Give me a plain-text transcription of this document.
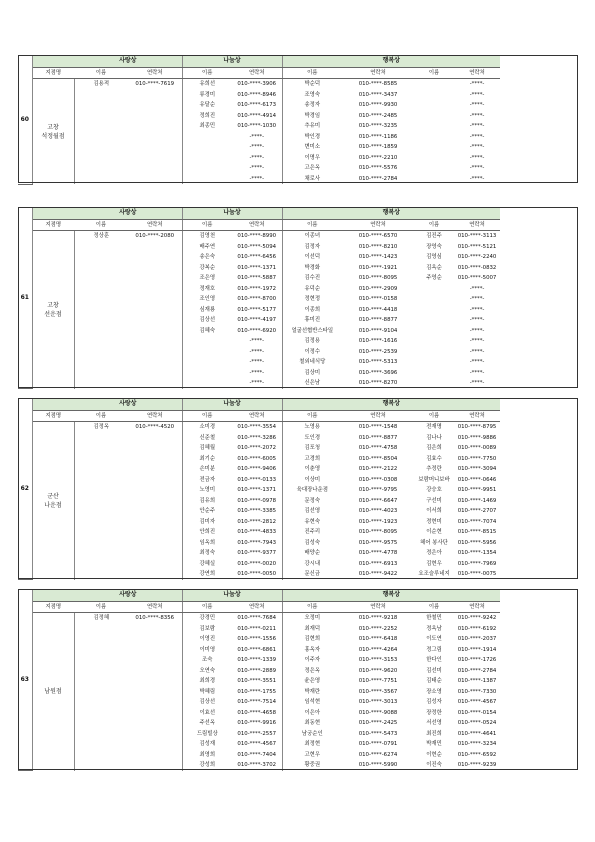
60		사랑상		나눔상		행복상			
	지점명	이름	연락처	이름	연락처	이름	연락처	이름	연락처
	고창
석정월점	김용적	010-****-7619	유희선	010-****-3906	박순덕	010-****-8585		-****-
				류경미	010-****-8946	조영숙	010-****-3437		-****-
				유달순	010-****-6173	송정자	010-****-9930		-****-
				정희진	010-****-4914	박경임	010-****-2485		-****-
				최종민	010-****-1030	추유미	010-****-3235		-****-
					-****-	박인경	010-****-1186		-****-
					-****-	변미소	010-****-1859		-****-
					-****-	이명우	010-****-2210		-****-
					-****-	고은옥	010-****-5576		-****-
					-****-	채로사	010-****-2784		-****-
61		사랑상		나눔상		행복상			
	지점명	이름	연락처	이름	연락처	이름	연락처	이름	연락처
	고창
선운점	정상훈	010-****-2080	김영천	010-****-8990	이종녀	010-****-6570	김진주	010-****-3113
				배주연	010-****-5094	김정자	010-****-8210	장영숙	010-****-5121
				송은숙	010-****-6456	이선덕	010-****-1423	김영심	010-****-2240
				강복순	010-****-1371	박경화	010-****-1921	김옥순	010-****-0832
				조은영	010-****-5887	김수진	010-****-8095	주영순	010-****-5007
				정재호	010-****-1972	유덕순	010-****-2909		-****-
				조인영	010-****-8700	정현정	010-****-0158		-****-
				심재룡	010-****-5177	이종희	010-****-4418		-****-
				김상선	010-****-4197	휴미진	010-****-8877		-****-
				김혜숙	010-****-6920	얼굴선협반스타일	010-****-9104		-****-
					-****-	김정용	010-****-1616		-****-
					-****-	이정수	010-****-2539		-****-
					-****-	철외네식당	010-****-5313		-****-
					-****-	김상미	010-****-3696		-****-
					-****-	신은남	010-****-8270		-****-
62		사랑상		나눔상		행복상			
	지점명	이름	연락처	이름	연락처	이름	연락처	이름	연락처
	군산
나운점	김정옥	010-****-4520	소미경	010-****-3554	노영용	010-****-1548	전재명	010-****-8795
				신준철	010-****-3286	도인경	010-****-8877	김나나	010-****-9886
				김혜월	010-****-2072	김포청	010-****-4758	김은희	010-****-0089
				최기순	010-****-6005	고경희	010-****-8504	김효수	010-****-7750
				손미분	010-****-9406	이춘영	010-****-2122	추정란	010-****-3094
				전금자	010-****-0133	이상미	010-****-0308	보람머니보바	010-****-0646
				노영미	010-****-1371	육대장나운점	010-****-9795	강승호	010-****-9951
				김유희	010-****-0978	문정숙	010-****-6647	구선미	010-****-1469
				안순주	010-****-3385	김선영	010-****-4023	이서희	010-****-2707
				김미자	010-****-2812	유현숙	010-****-1923	정현미	010-****-7074
				안희진	010-****-4833	진주리	010-****-8095	이순현	010-****-8515
				임옥희	010-****-7943	김성숙	010-****-9575	헤어 봉사단	010-****-5956
				최정숙	010-****-9377	배양순	010-****-4778	정은아	010-****-1354
				강혜실	010-****-0020	강시내	010-****-6913	김현우	010-****-7969
				강연희	010-****-0050	문신금	010-****-9422	요조슬루네지	010-****-0075
63		사랑상		나눔상		행복상			
	지점명	이름	연락처	이름	연락처	이름	연락처	이름	연락처
	남원점	김정혜	010-****-8356	강경민	010-****-7684	오정미	010-****-9218	한철민	010-****-9242
				김보람	010-****-0211	최재덕	010-****-2252	정옥남	010-****-6192
				이영진	010-****-1556	김현희	010-****-6418	이도연	010-****-2037
				이미영	010-****-6861	홍옥자	010-****-4264	정그림	010-****-1914
				조숙	010-****-1339	이주자	010-****-3153	한다인	010-****-1726
				오연숙	010-****-2889	정은옥	010-****-9620	김선미	010-****-2784
				최희경	010-****-3551	윤은영	010-****-7751	김태순	010-****-1387
				박혜림	010-****-1755	박재란	010-****-3567	장소영	010-****-7330
				김상선	010-****-7514	임석현	010-****-3013	김성자	010-****-4567
				이효선	010-****-4658	이은아	010-****-9088	장정한	010-****-0154
				주선옥	010-****-9916	최동현	010-****-2425	서선영	010-****-0524
				드림빌상	010-****-2557	남궁순인	010-****-5473	최진희	010-****-4641
				김성재	010-****-4567	최정현	010-****-0791	박재민	010-****-3234
				최영희	010-****-7404	고현우	010-****-6274	이현순	010-****-6592
				강성희	010-****-3702	황중권	010-****-5990	이진숙	010-****-9239
